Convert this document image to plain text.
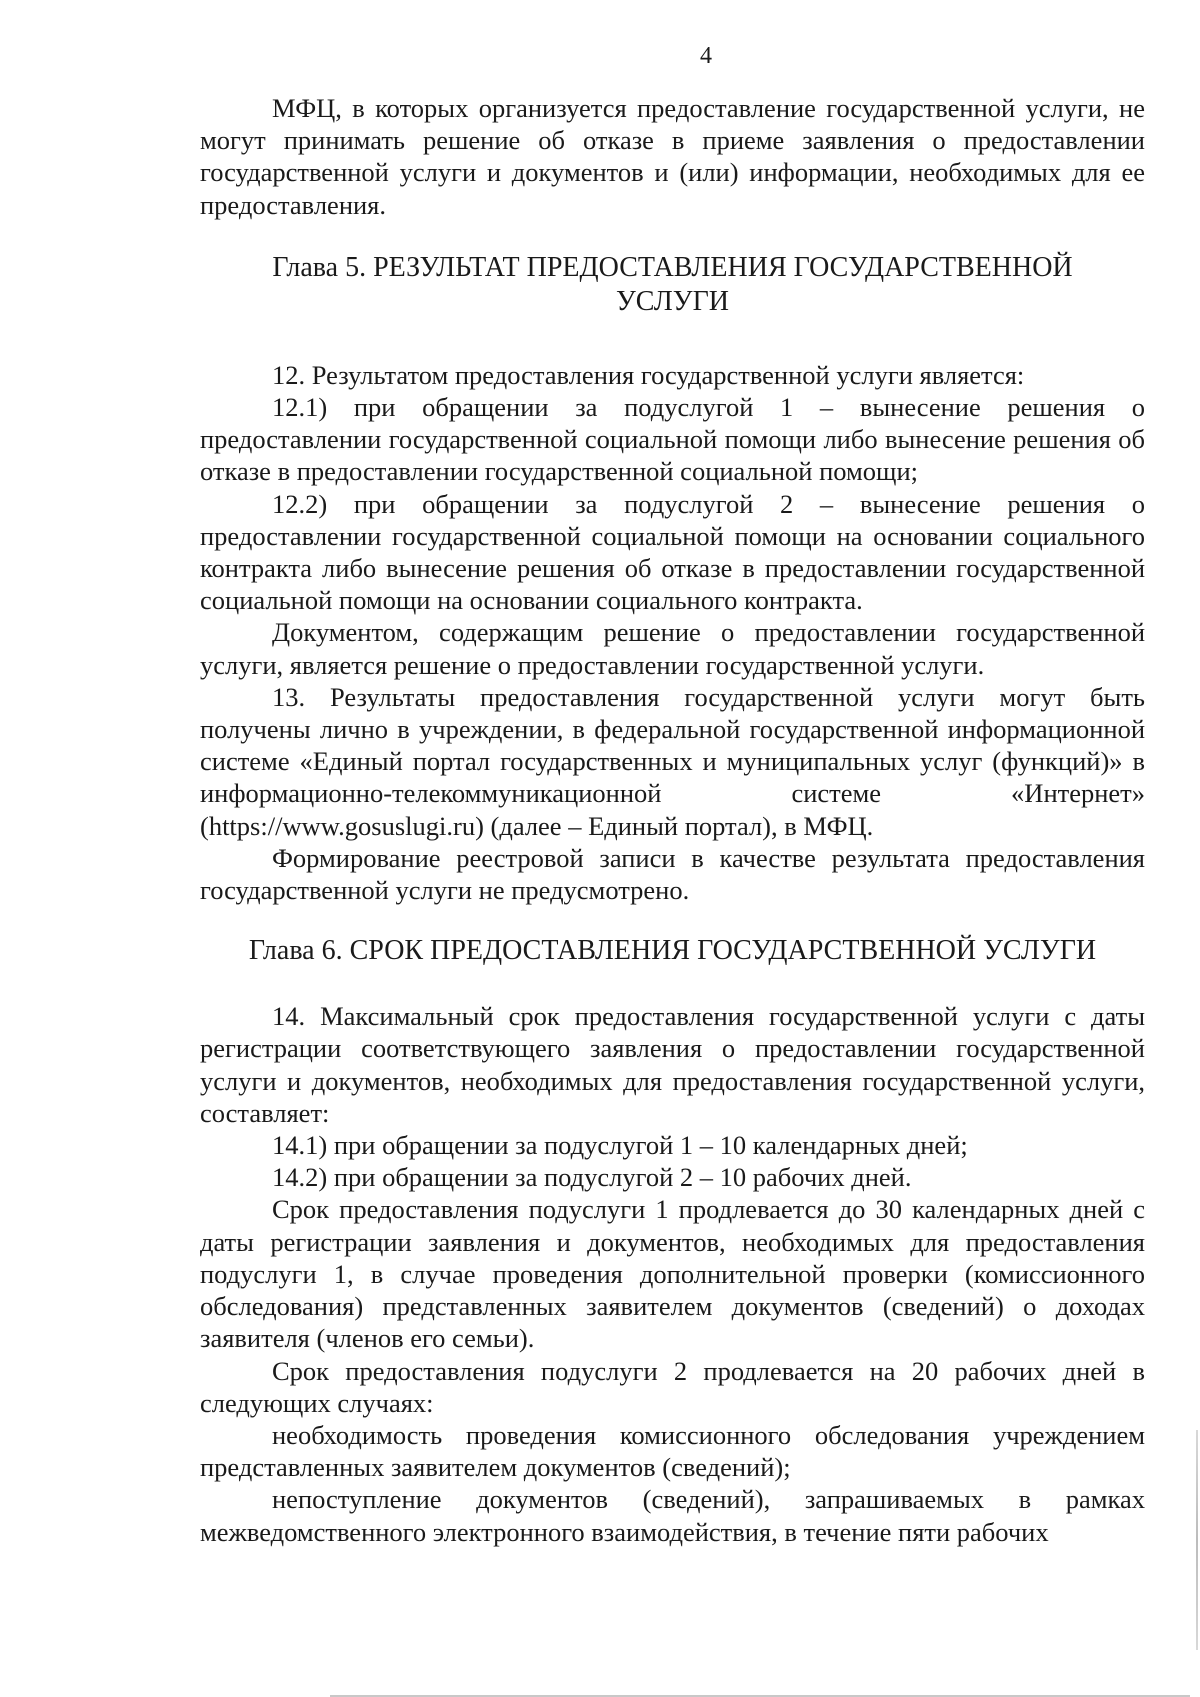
4

МФЦ, в которых организуется предоставление государственной услуги, не могут принимать решение об отказе в приеме заявления о предоставлении государственной услуги и документов и (или) информации, необходимых для ее предоставления.

Глава 5. РЕЗУЛЬТАТ ПРЕДОСТАВЛЕНИЯ ГОСУДАРСТВЕННОЙ УСЛУГИ

12. Результатом предоставления государственной услуги является:

12.1) при обращении за подуслугой 1 – вынесение решения о предоставлении государственной социальной помощи либо вынесение решения об отказе в предоставлении государственной социальной помощи;

12.2) при обращении за подуслугой 2 – вынесение решения о предоставлении государственной социальной помощи на основании социального контракта либо вынесение решения об отказе в предоставлении государственной социальной помощи на основании социального контракта.

Документом, содержащим решение о предоставлении государственной услуги, является решение о предоставлении государственной услуги.

13. Результаты предоставления государственной услуги могут быть получены лично в учреждении, в федеральной государственной информационной системе «Единый портал государственных и муниципальных услуг (функций)» в информационно-телекоммуникационной системе «Интернет» (https://www.gosuslugi.ru) (далее – Единый портал), в МФЦ.

Формирование реестровой записи в качестве результата предоставления государственной услуги не предусмотрено.

Глава 6. СРОК ПРЕДОСТАВЛЕНИЯ ГОСУДАРСТВЕННОЙ УСЛУГИ

14. Максимальный срок предоставления государственной услуги с даты регистрации соответствующего заявления о предоставлении государственной услуги и документов, необходимых для предоставления государственной услуги, составляет:

14.1) при обращении за подуслугой 1 – 10 календарных дней;

14.2) при обращении за подуслугой 2 – 10 рабочих дней.

Срок предоставления подуслуги 1 продлевается до 30 календарных дней с даты регистрации заявления и документов, необходимых для предоставления подуслуги 1, в случае проведения дополнительной проверки (комиссионного обследования) представленных заявителем документов (сведений) о доходах заявителя (членов его семьи).

Срок предоставления подуслуги 2 продлевается на 20 рабочих дней в следующих случаях:

необходимость проведения комиссионного обследования учреждением представленных заявителем документов (сведений);

непоступление документов (сведений), запрашиваемых в рамках межведомственного электронного взаимодействия, в течение пяти рабочих
